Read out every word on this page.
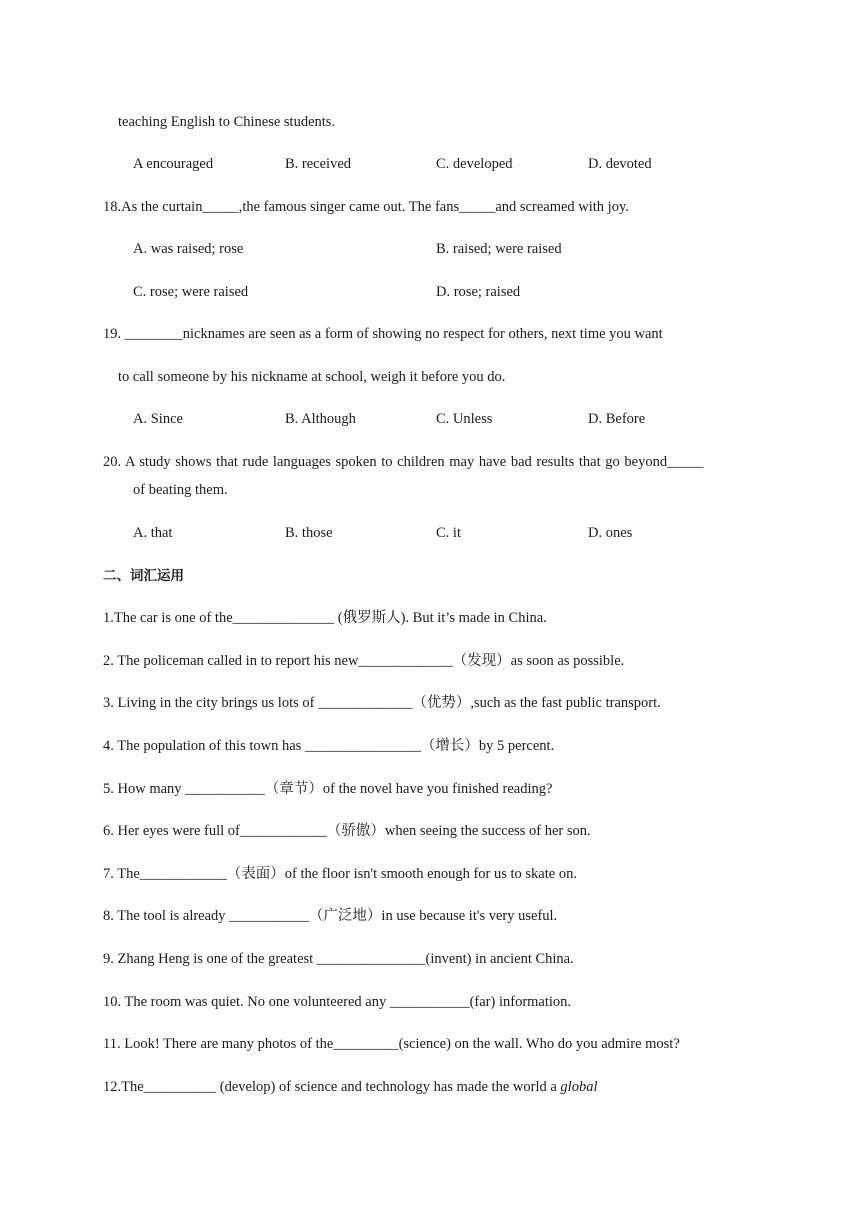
teaching English to Chinese students.
A encouraged	B. received	C. developed	D. devoted
18.As the curtain_____,the famous singer came out. The fans_____and screamed with joy.
A. was raised; rose	B. raised; were raised
C. rose; were raised	D. rose; raised
19. ________nicknames are seen as a form of showing no respect for others, next time you want
to call someone by his nickname at school, weigh it before you do.
A. Since	B. Although	C. Unless	D. Before
20. A study shows that rude languages spoken to children may have bad results that go beyond_____
of beating them.
A. that	B. those	C. it	D. ones
二、词汇运用
1.The car is one of the______________ (俄罗斯人). But it’s made in China.
2. The policeman called in to report his new_____________（发现）as soon as possible.
3. Living in the city brings us lots of _____________（优势）,such as the fast public transport.
4. The population of this town has ________________（增长）by 5 percent.
5. How many ___________（章节）of the novel have you finished reading?
6. Her eyes were full of____________（骄傲）when seeing the success of her son.
7. The____________（表面）of the floor isn't smooth enough for us to skate on.
8. The tool is already ___________（广泛地）in use because it's very useful.
9. Zhang Heng is one of the greatest _______________(invent) in ancient China.
10. The room was quiet. No one volunteered any ___________(far) information.
11. Look! There are many photos of the_________(science) on the wall. Who do you admire most?
12.The__________ (develop) of science and technology has made the world a global
